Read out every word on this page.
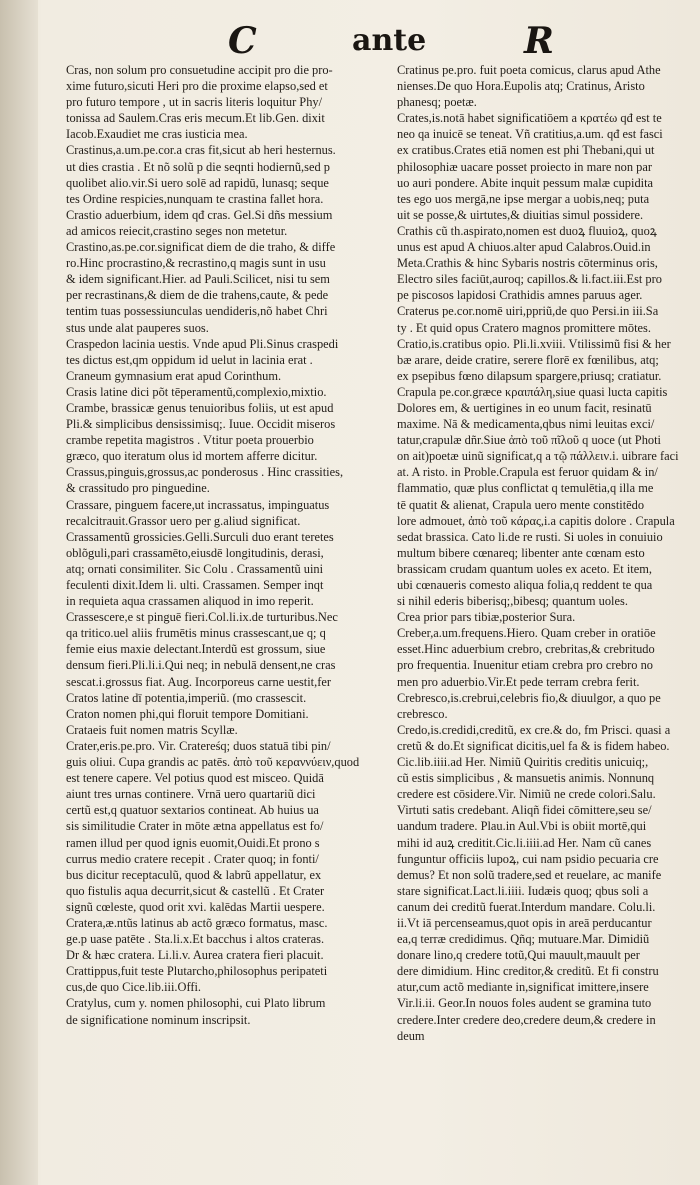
C	ante	R
Cras, non solum pro consuetudine accipit pro die pro-
xime futuro,sicuti Heri pro die proxime elapso,sed et
pro futuro tempore , ut in sacris literis loquitur Phy/
tonissa ad Saulem.Cras eris mecum.Et lib.Gen. dixit
Iacob.Exaudiet me cras iusticia mea.
Crastinus,a.um.pe.cor.a cras fit,sicut ab heri hesternus.
ut dies crastia . Et nõ solũ p die seqnti hodiernũ,sed p
quolibet alio.vir.Si uero solē ad rapidū, lunasq; seque
tes Ordine respicies,nunquam te crastina fallet hora.
Crastio aduerbium, idem qđ cras. Gel.Si dñs messium
ad amicos reiecit,crastino seges non metetur.
Crastino,as.pe.cor.significat diem de die traho, & diffe
ro.Hinc procrastino,& recrastino,q magis sunt in usu
& idem significant.Hier. ad Pauli.Scilicet, nisi tu sem
per recrastinans,& diem de die trahens,caute, & pede
tentim tuas possessiunculas uendideris,nõ habet Chri
stus unde alat pauperes suos.
Craspedon lacinia uestis. Vnde apud Pli.Sinus craspedi
tes dictus est,qm oppidum id uelut in lacinia erat .
Craneum gymnasium erat apud Corinthum.
Crasis latine dici põt tēperamentũ,complexio,mixtio.
Crambe, brassicæ genus tenuioribus foliis, ut est apud
Pli.& simplicibus densissimisq;. Iuue. Occidit miseros
crambe repetita magistros . Vtitur poeta prouerbio
græco, quo iteratum olus id mortem afferre dicitur.
Crassus,pinguis,grossus,ac ponderosus . Hinc crassities,
& crassitudo pro pinguedine.
Crassare, pinguem facere,ut incrassatus, impinguatus
recalcitrauit.Grassor uero per g.aliud significat.
Crassamentũ grossicies.Gelli.Surculi duo erant teretes
oblõguli,pari crassamēto,eiusdē longitudinis, derasi,
atq; ornati consimiliter. Sic Colu . Crassamentũ uini
feculenti dixit.Idem li. ulti. Crassamen. Semper inqt
in requieta aqua crassamen aliquod in imo reperit.
Crassescere,e st pinguē fieri.Col.li.ix.de turturibus.Nec
qa tritico.uel aliis frumētis minus crassescant,ue q; q
femie eius maxie delectant.Interdũ est grossum, siue
densum fieri.Pli.li.i.Qui neq; in nebulā densent,ne cras
sescat.i.grossus fiat. Aug. Incorporeus carne uestit,fer
Cratos latine dī potentia,imperiũ. (mo crassescit.
Craton nomen phi,qui floruit tempore Domitiani.
Crataeis fuit nomen matris Scyllæ.
Crater,eris.pe.pro. Vir. Cratereśq; duos statuā tibi pin/
guis oliui. Cupa grandis ac patēs. ἀπὸ τοῦ κεραννύειν,quod
est tenere capere. Vel potius quod est misceo. Quidā
aiunt tres urnas continere. Vrnā uero quartariũ dici
certũ est,q quatuor sextarios contineat. Ab huius ua
sis similitudie Crater in mōte ætna appellatus est fo/
ramen illud per quod ignis euomit,Ouidi.Et prono s
currus medio cratere recepit . Crater quoq; in fonti/
bus dicitur receptaculũ, quod & labrũ appellatur, ex
quo fistulis aqua decurrit,sicut & castellũ . Et Crater
signũ cœleste, quod orit xvi. kalēdas Martii uespere.
Cratera,æ.ntũs latinus ab actõ græco formatus, masc.
ge.p uase patēte . Sta.li.x.Et bacchus i altos crateras.
Dr & hæc cratera. Li.li.v. Aurea cratera fieri placuit.
Crattippus,fuit teste Plutarcho,philosophus peripateti
cus,de quo Cice.lib.iii.Offi.
Cratylus, cum y. nomen philosophi, cui Plato librum
de significatione nominum inscripsit.
Cratinus pe.pro. fuit poeta comicus, clarus apud Athe
nienses.De quo Hora.Eupolis atq; Cratinus, Aristo
phanesq; poetæ.
Crates,is.notā habet significatiōem a κρατέω qđ est te
neo qa inuicē se teneat. Vñ cratitius,a.um. qđ est fasci
ex cratibus.Crates etiā nomen est phi Thebani,qui ut
philosophiæ uacare posset proiecto in mare non par
uo auri pondere. Abite inquit pessum malæ cupidita
tes ego uos mergā,ne ipse mergar a uobis,neq; puta
uit se posse,& uirtutes,& diuitias simul possidere.
Crathis cũ th.aspirato,nomen est duoꝝ fluuioꝝ, quoꝝ
unus est apud A chiuos.alter apud Calabros.Ouid.in
Meta.Crathis & hinc Sybaris nostris cōterminus oris,
Electro siles faciūt,auroq; capillos.& li.fact.iii.Est pro
pe piscosos lapidosi Crathidis amnes paruus ager.
Craterus pe.cor.nomē uiri,ppriũ,de quo Persi.in iii.Sa
ty . Et quid opus Cratero magnos promittere mōtes.
Cratio,is.cratibus opio. Pli.li.xviii. Vtilissimũ fisi & her
bæ arare, deide cratire, serere florē ex fœnilibus, atq;
ex psepibus fœno dilapsum spargere,priusq; cratiatur.
Crapula pe.cor.græce κραιπάλη,siue quasi lucta capitis
Dolores em, & uertigines in eo unum facit, resinatū
maxime. Nā & medicamenta,qbus nimi leuitas exci/
tatur,crapulæ dñr.Siue ἀπὸ τοῦ πῖλοῦ q uoce (ut Photi
on ait)poetæ uinũ significat,q a τῷ πάλλειν.i. uibrare faci
at. A risto. in Proble.Crapula est feruor quidam & in/
flammatio, quæ plus conflictat q temulētia,q illa me
tē quatit & alienat, Crapula uero mente constitēdo
lore admouet, ἀπὸ τοῦ κάρας,i.a capitis dolore . Crapula
sedat brassica. Cato li.de re rusti. Si uoles in conuiuio
multum bibere cœnareq; libenter ante cœnam esto
brassicam crudam quantum uoles ex aceto. Et item,
ubi cœnaueris comesto aliqua folia,q reddent te qua
si nihil ederis biberisq;,bibesq; quantum uoles.
Crea prior pars tibiæ,posterior Sura.
Creber,a.um.frequens.Hiero. Quam creber in oratiōe
esset.Hinc aduerbium crebro, crebritas,& crebritudo
pro frequentia. Inuenitur etiam crebra pro crebro no
men pro aduerbio.Vir.Et pede terram crebra ferit.
Crebresco,is.crebrui,celebris fio,& diuulgor, a quo pe
crebresco.
Credo,is.credidi,creditũ, ex cre.& do, fm Prisci. quasi a
cretũ & do.Et significat dicitis,uel fa & is fidem habeo.
Cic.lib.iiii.ad Her. Nimiũ Quiritis creditis unicuiq;,
cũ estis simplicibus , & mansuetis animis. Nonnunq
credere est cōsidere.Vir. Nimiũ ne crede colori.Salu.
Virtuti satis credebant. Aliqñ fidei cōmittere,seu se/
uandum tradere. Plau.in Aul.Vbi is obiit mortē,qui
mihi id auꝝ creditit.Cic.li.iiii.ad Her. Nam cũ canes
funguntur officiis lupoꝝ, cui nam psidio pecuaria cre
demus? Et non solũ tradere,sed et reuelare, ac manife
stare significat.Lact.li.iiii. Iudæis quoq; qbus soli a
canum dei creditũ fuerat.Interdum mandare. Colu.li.
ii.Vt iā percenseamus,quot opis in areā perducantur
ea,q terræ credidimus. Qñq; mutuare.Mar. Dimidiũ
donare lino,q credere totũ,Qui mauult,mauult per
dere dimidium. Hinc creditor,& creditũ. Et fi constru
atur,cum actõ mediante in,significat imittere,insere
Vir.li.ii. Geor.In nouos foles audent se gramina tuto
credere.Inter credere deo,credere deum,& credere in
deum
